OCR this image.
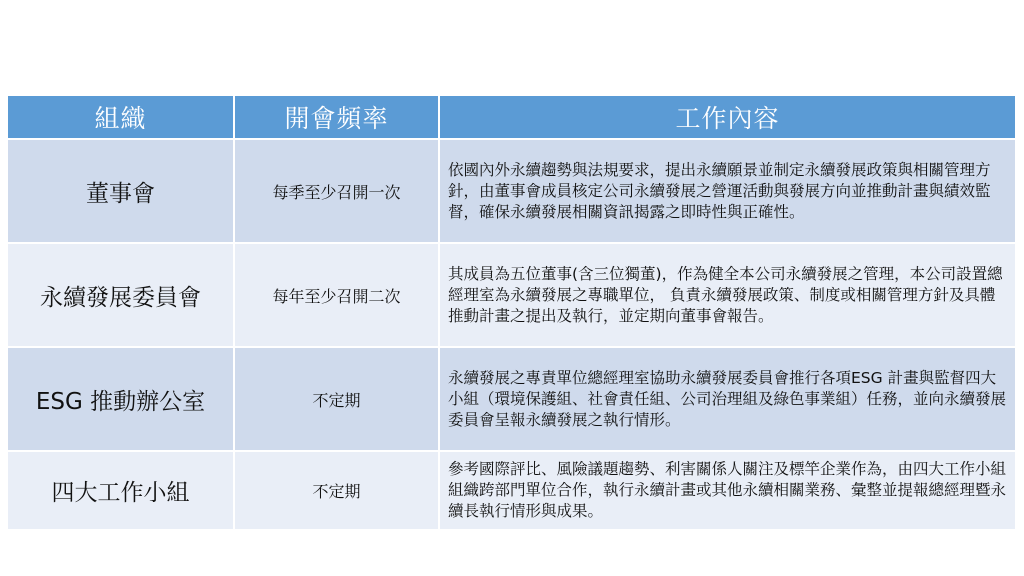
組織	開會頻率	工作內容
董事會	每季至少召開一次	依國內外永續趨勢與法規要求，提出永續願景並制定永續發展政策與相關管理方針，由董事會成員核定公司永續發展之營運活動與發展方向並推動計畫與績效監督，確保永續發展相關資訊揭露之即時性與正確性。

永續發展委員會	每年至少召開二次	其成員為五位董事(含三位獨董)，作為健全本公司永續發展之管理，本公司設置總經理室為永續發展之專職單位， 負責永續發展政策、制度或相關管理方針及具體推動計畫之提出及執行，並定期向董事會報告。

ESG 推動辦公室	不定期	永續發展之專責單位總經理室協助永續發展委員會推行各項ESG 計畫與監督四大小組（環境保護組、社會責任組、公司治理組及綠色事業組）任務，並向永續發展委員會呈報永續發展之執行情形。

四大工作小組	不定期	參考國際評比、風險議題趨勢、利害關係人關注及標竿企業作為，由四大工作小組組織跨部門單位合作，執行永續計畫或其他永續相關業務、彙整並提報總經理暨永續長執行情形與成果。
